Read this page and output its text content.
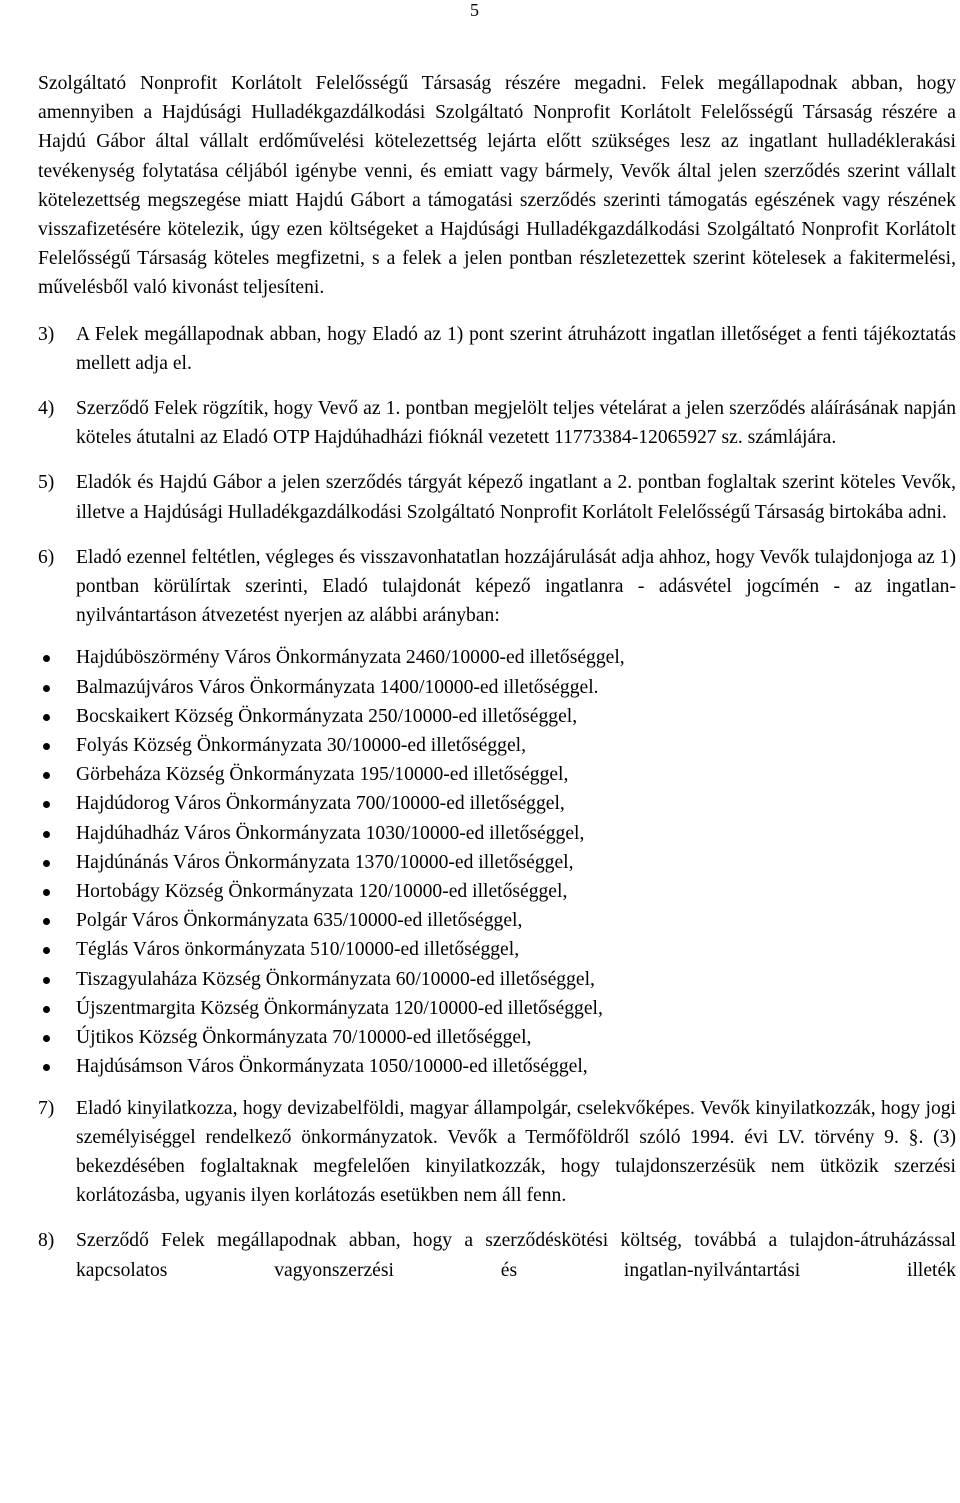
5

Szolgáltató Nonprofit Korlátolt Felelősségű Társaság részére megadni. Felek megállapodnak abban, hogy amennyiben a Hajdúsági Hulladékgazdálkodási Szolgáltató Nonprofit Korlátolt Felelősségű Társaság részére a Hajdú Gábor által vállalt erdőművelési kötelezettség lejárta előtt szükséges lesz az ingatlant hulladéklerakási tevékenység folytatása céljából igénybe venni, és emiatt vagy bármely, Vevők által jelen szerződés szerint vállalt kötelezettség megszegése miatt Hajdú Gábort a támogatási szerződés szerinti támogatás egészének vagy részének visszafizetésére kötelezik, úgy ezen költségeket a Hajdúsági Hulladékgazdálkodási Szolgáltató Nonprofit Korlátolt Felelősségű Társaság köteles megfizetni, s a felek a jelen pontban részletezettek szerint kötelesek a fakitermelési, művelésből való kivonást teljesíteni.

3)	A Felek megállapodnak abban, hogy Eladó az 1) pont szerint átruházott ingatlan illetőséget a fenti tájékoztatás mellett adja el.

4)	Szerződő Felek rögzítik, hogy Vevő az 1. pontban megjelölt teljes vételárat a jelen szerződés aláírásának napján köteles átutalni az Eladó OTP Hajdúhadházi fióknál vezetett 11773384-12065927 sz. számlájára.

5)	Eladók és Hajdú Gábor a jelen szerződés tárgyát képező ingatlant a 2. pontban foglaltak szerint köteles Vevők, illetve a Hajdúsági Hulladékgazdálkodási Szolgáltató Nonprofit Korlátolt Felelősségű Társaság birtokába adni.

6)	Eladó ezennel feltétlen, végleges és visszavonhatatlan hozzájárulását adja ahhoz, hogy Vevők tulajdonjoga az 1) pontban körülírtak szerinti, Eladó tulajdonát képező ingatlanra - adásvétel jogcímén - az ingatlan-nyilvántartáson átvezetést nyerjen az alábbi arányban:

Hajdúböszörmény Város Önkormányzata 2460/10000-ed illetőséggel,
Balmazújváros Város Önkormányzata 1400/10000-ed illetőséggel.
Bocskaikert Község Önkormányzata 250/10000-ed illetőséggel,
Folyás Község Önkormányzata 30/10000-ed illetőséggel,
Görbeháza Község Önkormányzata 195/10000-ed illetőséggel,
Hajdúdorog Város Önkormányzata 700/10000-ed illetőséggel,
Hajdúhadház Város Önkormányzata 1030/10000-ed illetőséggel,
Hajdúnánás Város Önkormányzata 1370/10000-ed illetőséggel,
Hortobágy Község Önkormányzata 120/10000-ed illetőséggel,
Polgár Város Önkormányzata 635/10000-ed illetőséggel,
Téglás Város önkormányzata 510/10000-ed illetőséggel,
Tiszagyulaháza Község Önkormányzata 60/10000-ed illetőséggel,
Újszentmargita Község Önkormányzata 120/10000-ed illetőséggel,
Újtikos Község Önkormányzata 70/10000-ed illetőséggel,
Hajdúsámson Város Önkormányzata 1050/10000-ed illetőséggel,
7)	Eladó kinyilatkozza, hogy devizabelföldi, magyar állampolgár, cselekvőképes. Vevők kinyilatkozzák, hogy jogi személyiséggel rendelkező önkormányzatok. Vevők a Termőföldről szóló 1994. évi LV. törvény 9. §. (3) bekezdésében foglaltaknak megfelelően kinyilatkozzák, hogy tulajdonszerzésük nem ütközik szerzési korlátozásba, ugyanis ilyen korlátozás esetükben nem áll fenn.

8)	Szerződő Felek megállapodnak abban, hogy a szerződéskötési költség, továbbá a tulajdon-átruházással kapcsolatos vagyonszerzési és ingatlan-nyilvántartási illeték
